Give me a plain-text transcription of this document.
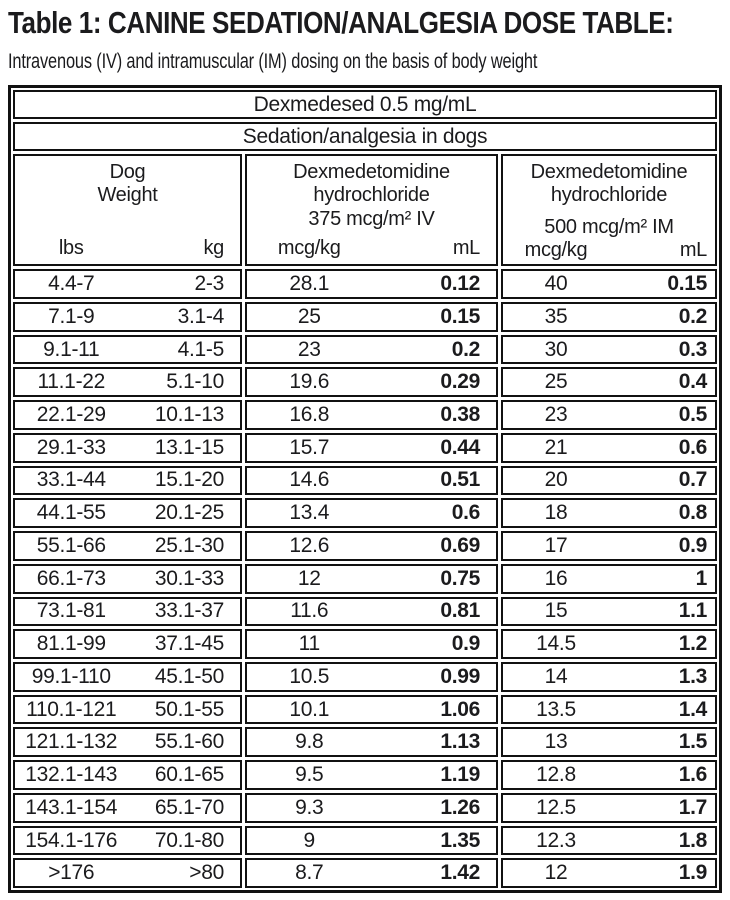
Table 1: CANINE SEDATION/ANALGESIA DOSE TABLE:
Intravenous (IV) and intramuscular (IM) dosing on the basis of body weight
Dexmedesed 0.5 mg/mL
Sedation/analgesia in dogs
Dog
Weight
lbs	kg
Dexmedetomidine
hydrochloride
375 mcg/m² IV
mcg/kg	mL
Dexmedetomidine
hydrochloride
500 mcg/m² IM
mcg/kg	mL
4.4-7	2-3	28.1	0.12	40	0.15
7.1-9	3.1-4	25	0.15	35	0.2
9.1-11	4.1-5	23	0.2	30	0.3
11.1-22	5.1-10	19.6	0.29	25	0.4
22.1-29	10.1-13	16.8	0.38	23	0.5
29.1-33	13.1-15	15.7	0.44	21	0.6
33.1-44	15.1-20	14.6	0.51	20	0.7
44.1-55	20.1-25	13.4	0.6	18	0.8
55.1-66	25.1-30	12.6	0.69	17	0.9
66.1-73	30.1-33	12	0.75	16	1
73.1-81	33.1-37	11.6	0.81	15	1.1
81.1-99	37.1-45	11	0.9	14.5	1.2
99.1-110	45.1-50	10.5	0.99	14	1.3
110.1-121	50.1-55	10.1	1.06	13.5	1.4
121.1-132	55.1-60	9.8	1.13	13	1.5
132.1-143	60.1-65	9.5	1.19	12.8	1.6
143.1-154	65.1-70	9.3	1.26	12.5	1.7
154.1-176	70.1-80	9	1.35	12.3	1.8
>176	>80	8.7	1.42	12	1.9
